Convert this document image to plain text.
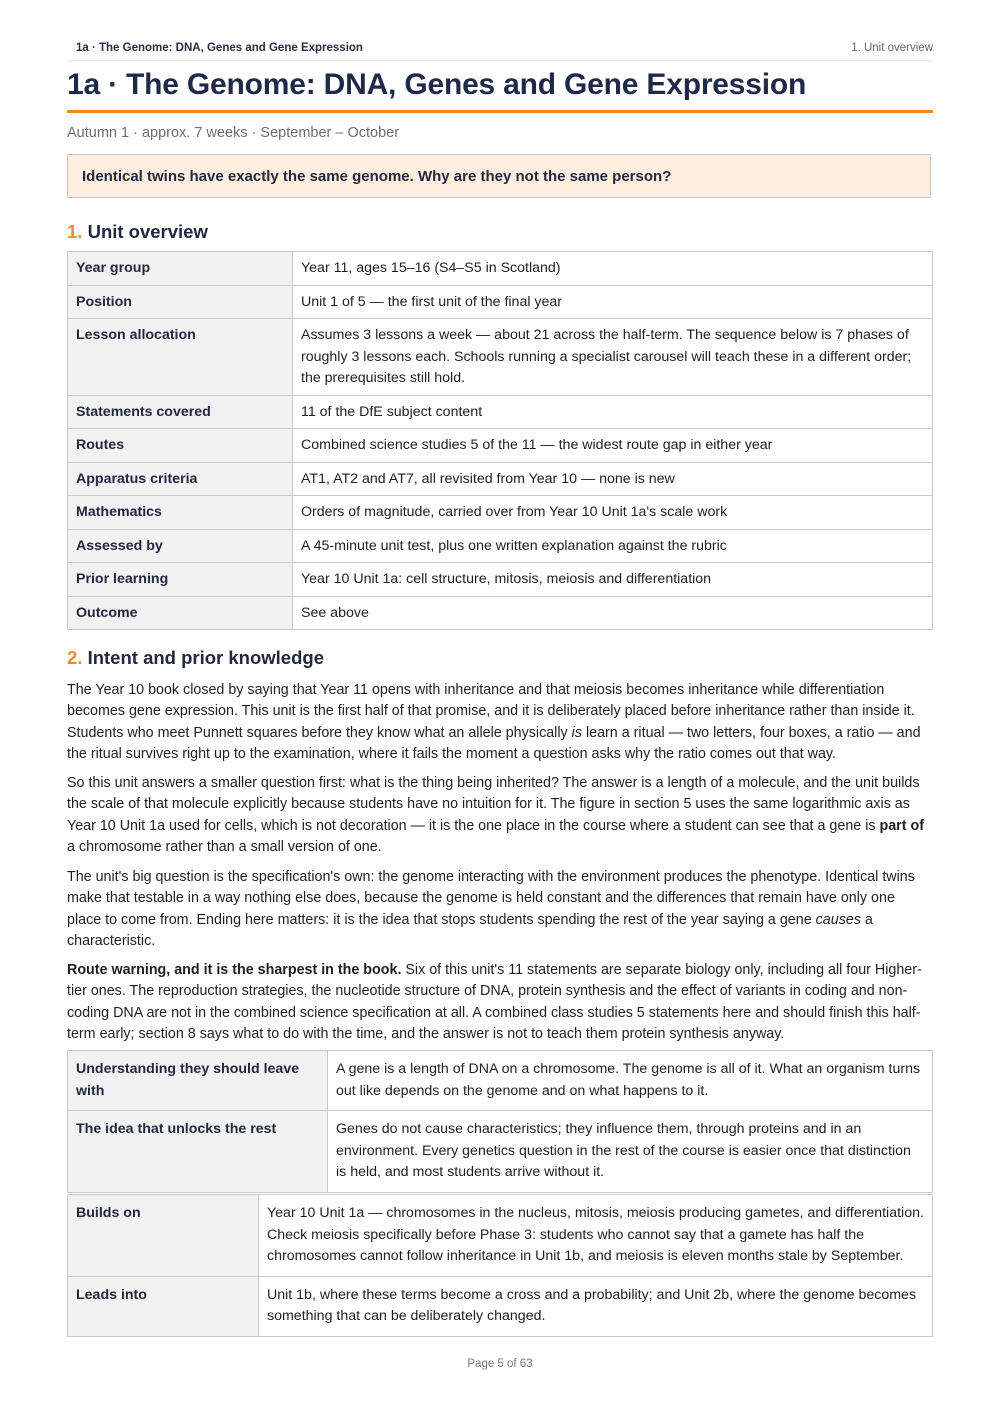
1a · The Genome: DNA, Genes and Gene Expression	1. Unit overview
1a · The Genome: DNA, Genes and Gene Expression
Autumn 1 · approx. 7 weeks · September – October
Identical twins have exactly the same genome. Why are they not the same person?
1. Unit overview
Year group	Year 11, ages 15–16 (S4–S5 in Scotland)
Position	Unit 1 of 5 — the first unit of the final year
Lesson allocation	Assumes 3 lessons a week — about 21 across the half-term. The sequence below is 7 phases of roughly 3 lessons each. Schools running a specialist carousel will teach these in a different order; the prerequisites still hold.
Statements covered	11 of the DfE subject content
Routes	Combined science studies 5 of the 11 — the widest route gap in either year
Apparatus criteria	AT1, AT2 and AT7, all revisited from Year 10 — none is new
Mathematics	Orders of magnitude, carried over from Year 10 Unit 1a's scale work
Assessed by	A 45-minute unit test, plus one written explanation against the rubric
Prior learning	Year 10 Unit 1a: cell structure, mitosis, meiosis and differentiation
Outcome	See above
2. Intent and prior knowledge

The Year 10 book closed by saying that Year 11 opens with inheritance and that meiosis becomes inheritance while differentiation becomes gene expression. This unit is the first half of that promise, and it is deliberately placed before inheritance rather than inside it. Students who meet Punnett squares before they know what an allele physically is learn a ritual — two letters, four boxes, a ratio — and the ritual survives right up to the examination, where it fails the moment a question asks why the ratio comes out that way.

So this unit answers a smaller question first: what is the thing being inherited? The answer is a length of a molecule, and the unit builds the scale of that molecule explicitly because students have no intuition for it. The figure in section 5 uses the same logarithmic axis as Year 10 Unit 1a used for cells, which is not decoration — it is the one place in the course where a student can see that a gene is part of a chromosome rather than a small version of one.

The unit's big question is the specification's own: the genome interacting with the environment produces the phenotype. Identical twins make that testable in a way nothing else does, because the genome is held constant and the differences that remain have only one place to come from. Ending here matters: it is the idea that stops students spending the rest of the year saying a gene causes a characteristic.

Route warning, and it is the sharpest in the book. Six of this unit's 11 statements are separate biology only, including all four Higher-tier ones. The reproduction strategies, the nucleotide structure of DNA, protein synthesis and the effect of variants in coding and non-coding DNA are not in the combined science specification at all. A combined class studies 5 statements here and should finish this half-term early; section 8 says what to do with the time, and the answer is not to teach them protein synthesis anyway.

Understanding they should leave with	A gene is a length of DNA on a chromosome. The genome is all of it. What an organism turns out like depends on the genome and on what happens to it.
The idea that unlocks the rest	Genes do not cause characteristics; they influence them, through proteins and in an environment. Every genetics question in the rest of the course is easier once that distinction is held, and most students arrive without it.
Builds on	Year 10 Unit 1a — chromosomes in the nucleus, mitosis, meiosis producing gametes, and differentiation. Check meiosis specifically before Phase 3: students who cannot say that a gamete has half the chromosomes cannot follow inheritance in Unit 1b, and meiosis is eleven months stale by September.
Leads into	Unit 1b, where these terms become a cross and a probability; and Unit 2b, where the genome becomes something that can be deliberately changed.
Page 5 of 63
